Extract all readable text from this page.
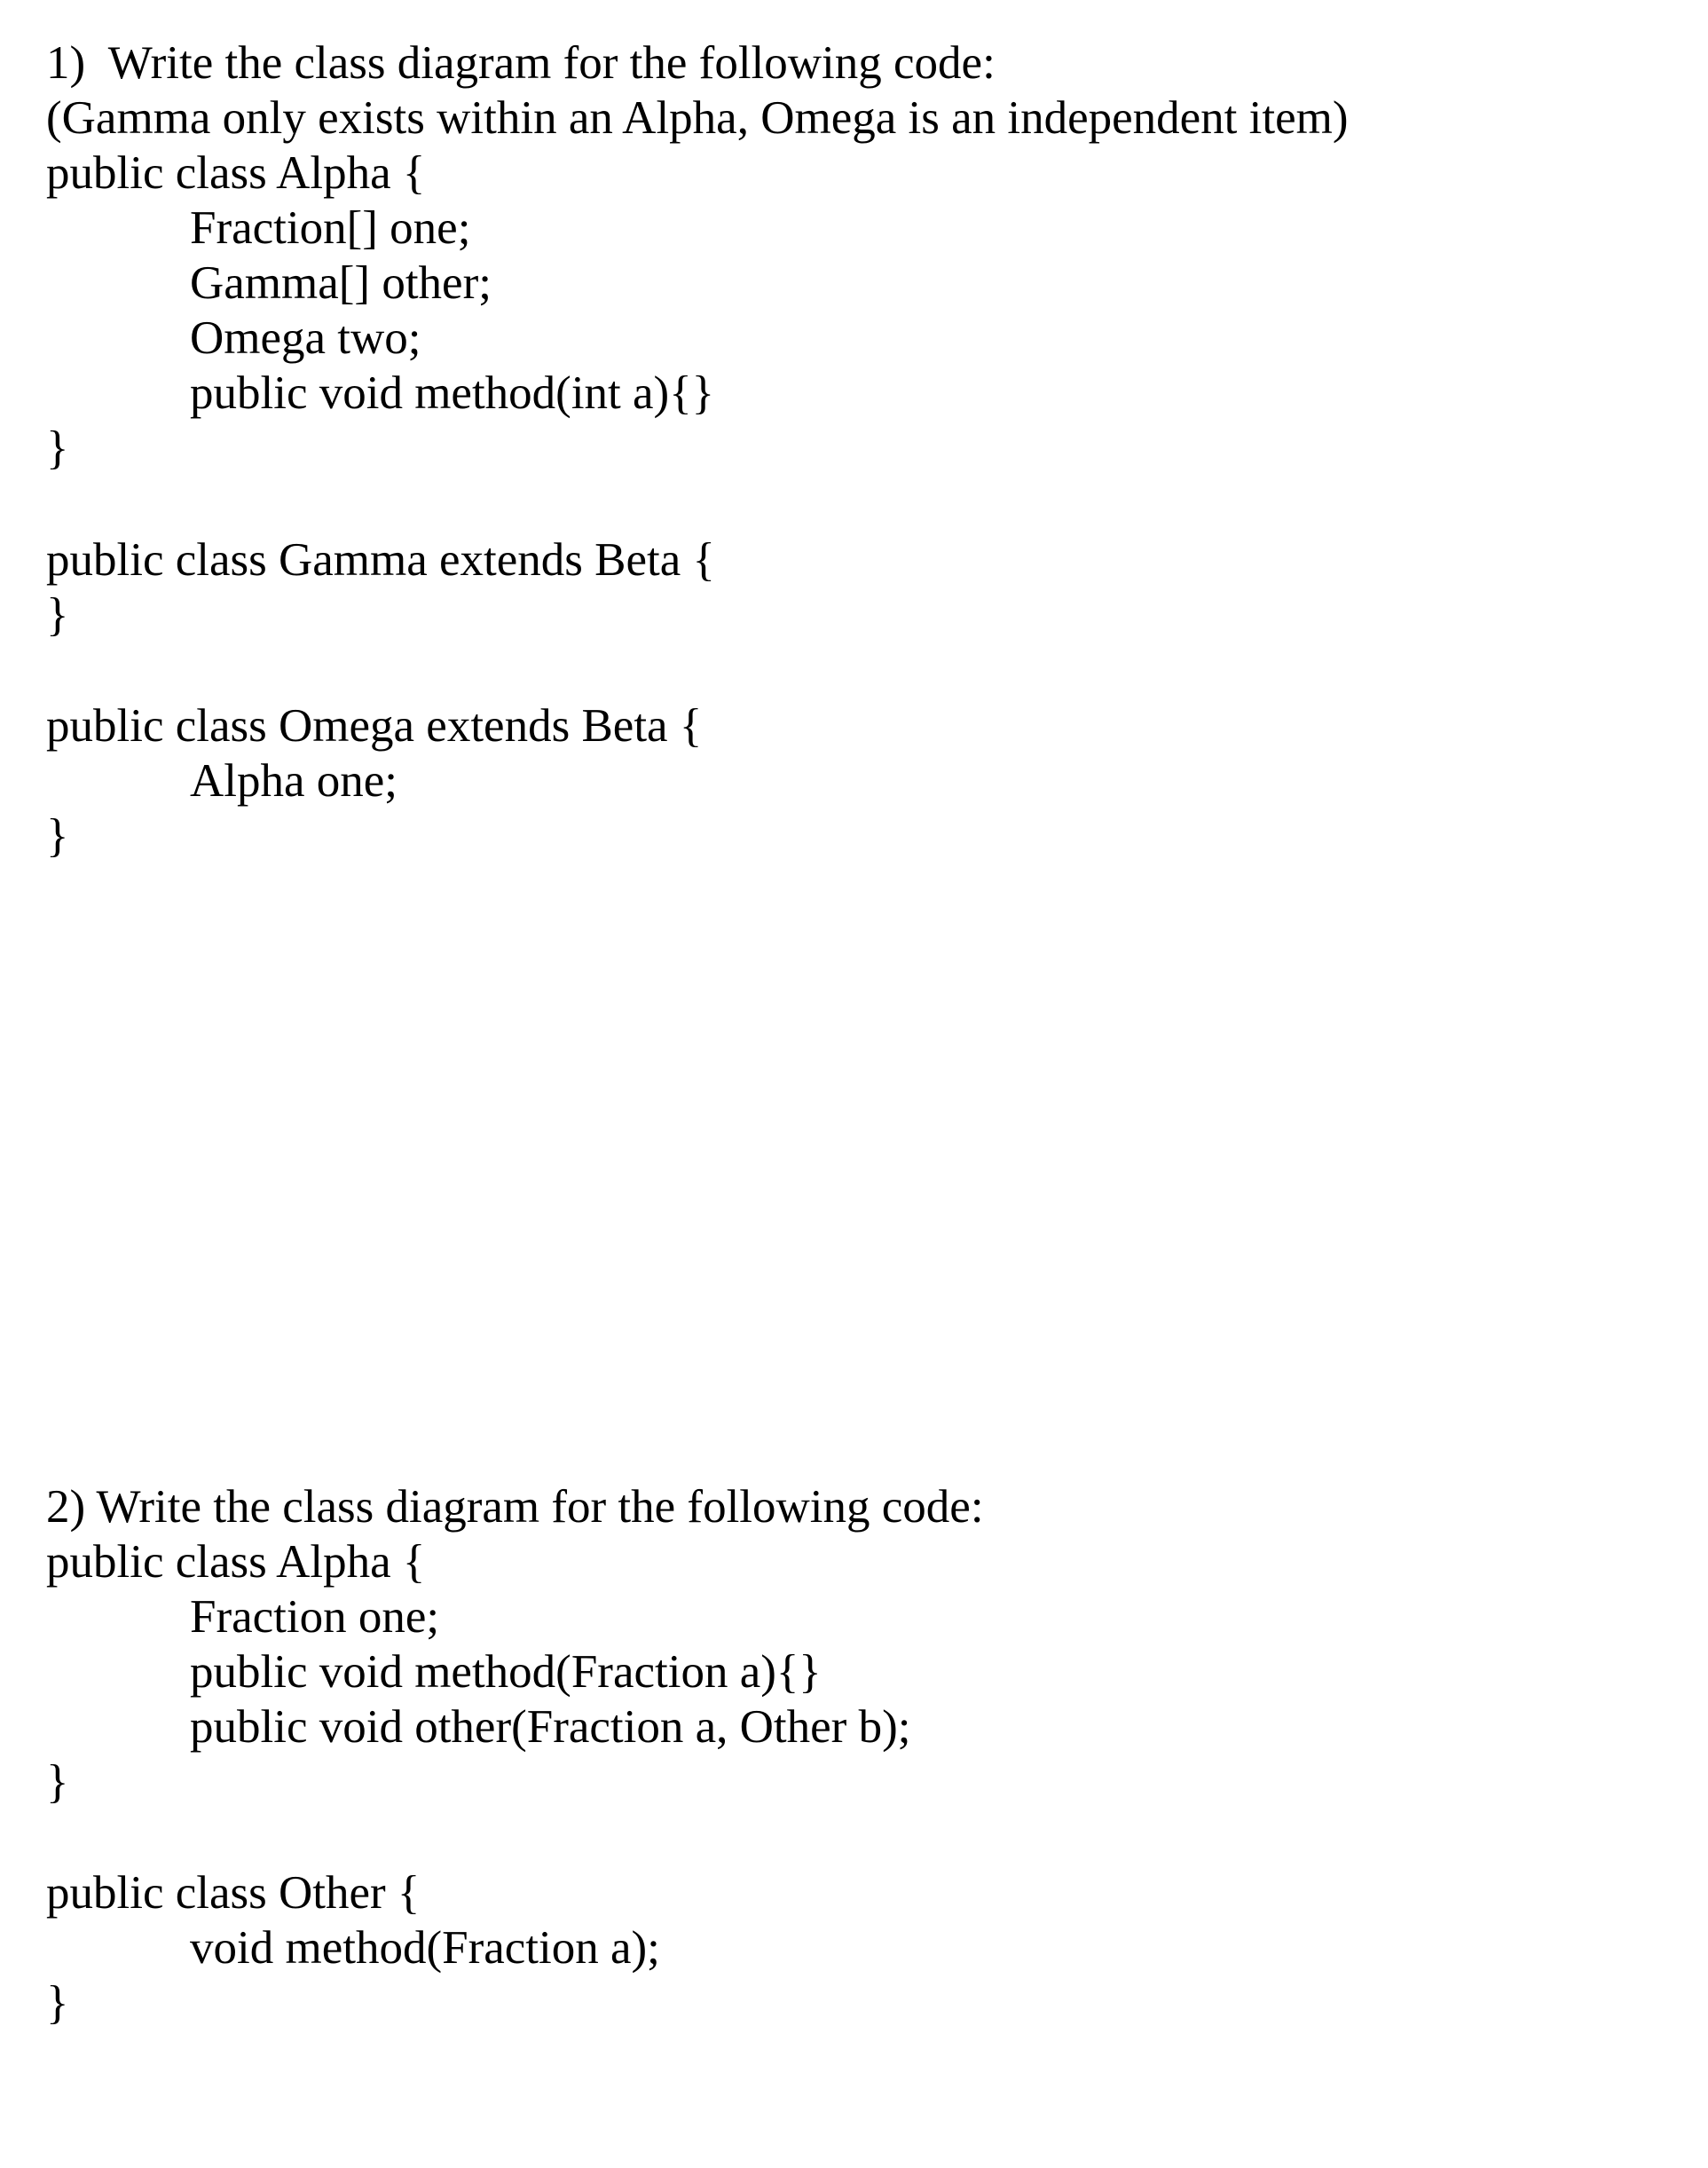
1)  Write the class diagram for the following code:
(Gamma only exists within an Alpha, Omega is an independent item)
public class Alpha {
Fraction[] one;
Gamma[] other;
Omega two;
public void method(int a){}
}
public class Gamma extends Beta {
}
public class Omega extends Beta {
Alpha one;
}
2) Write the class diagram for the following code:
public class Alpha {
Fraction one;
public void method(Fraction a){}
public void other(Fraction a, Other b);
}
public class Other {
void method(Fraction a);
}
